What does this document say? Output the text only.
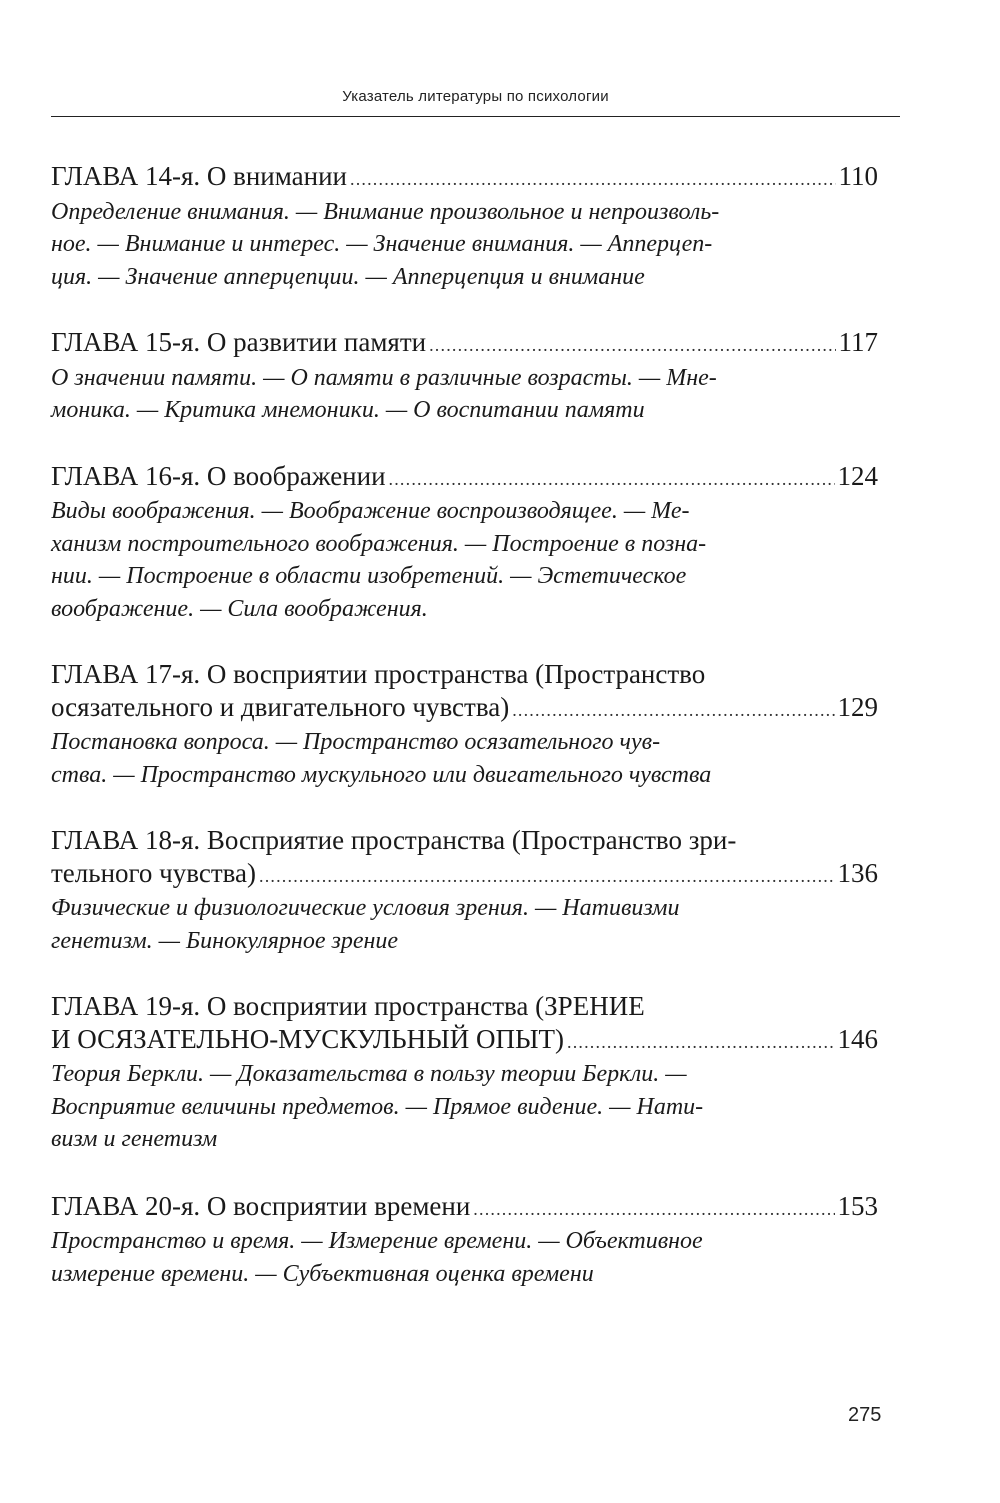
Указатель литературы по психологии
ГЛАВА 14-я. О внимании .....	110
Определение внимания. — Внимание произвольное и непроизволь-
ное. — Внимание и интерес. — Значение внимания. — Апперцеп-
ция. — Значение апперцепции. — Апперцепция и внимание
ГЛАВА 15-я. О развитии памяти .....	117
О значении памяти. — О памяти в различные возрасты. — Мне-
моника. — Критика мнемоники. — О воспитании памяти
ГЛАВА 16-я. О воображении .....	124
Виды воображения. — Воображение воспроизводящее. — Ме-
ханизм построительного воображения. — Построение в позна-
нии. — Построение в области изобретений. — Эстетическое
воображение. — Сила воображения.
ГЛАВА 17-я. О восприятии пространства (Пространство
осязательного и двигательного чувства) .....	129
Постановка вопроса. — Пространство осязательного чув-
ства. — Пространство мускульного или двигательного чувства
ГЛАВА 18-я. Восприятие пространства (Пространство зри-
тельного чувства) .....	136
Физические и физиологические условия зрения. — Нативизми
генетизм. — Бинокулярное зрение
ГЛАВА 19-я. О восприятии пространства (ЗРЕНИЕ
И ОСЯЗАТЕЛЬНО-МУСКУЛЬНЫЙ ОПЫТ) .....	146
Теория Беркли. — Доказательства в пользу теории Беркли. —
Восприятие величины предметов. — Прямое видение. — Нати-
визм и генетизм
ГЛАВА 20-я. О восприятии времени .....	153
Пространство и время. — Измерение времени. — Объективное
измерение времени. — Субъективная оценка времени
275
